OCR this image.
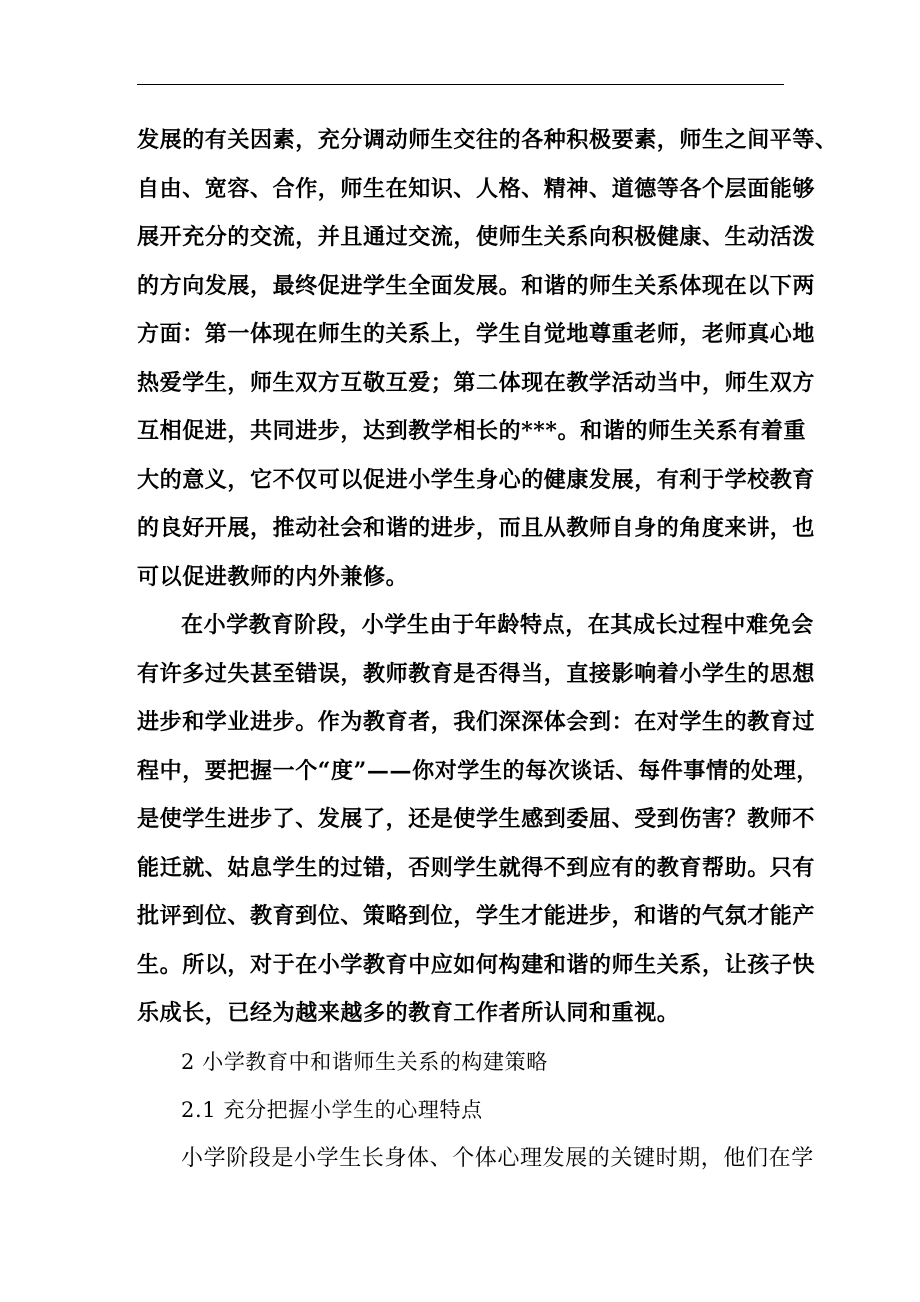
发展的有关因素，充分调动师生交往的各种积极要素，师生之间平等、
自由、宽容、合作，师生在知识、人格、精神、道德等各个层面能够
展开充分的交流，并且通过交流，使师生关系向积极健康、生动活泼
的方向发展，最终促进学生全面发展。和谐的师生关系体现在以下两
方面：第一体现在师生的关系上，学生自觉地尊重老师，老师真心地
热爱学生，师生双方互敬互爱；第二体现在教学活动当中，师生双方
互相促进，共同进步，达到教学相长的***。和谐的师生关系有着重
大的意义，它不仅可以促进小学生身心的健康发展，有利于学校教育
的良好开展，推动社会和谐的进步，而且从教师自身的角度来讲，也
可以促进教师的内外兼修。
在小学教育阶段，小学生由于年龄特点，在其成长过程中难免会
有许多过失甚至错误，教师教育是否得当，直接影响着小学生的思想
进步和学业进步。作为教育者，我们深深体会到：在对学生的教育过
程中，要把握一个“度”——你对学生的每次谈话、每件事情的处理，
是使学生进步了、发展了，还是使学生感到委屈、受到伤害？教师不
能迁就、姑息学生的过错，否则学生就得不到应有的教育帮助。只有
批评到位、教育到位、策略到位，学生才能进步，和谐的气氛才能产
生。所以，对于在小学教育中应如何构建和谐的师生关系，让孩子快
乐成长，已经为越来越多的教育工作者所认同和重视。
2 小学教育中和谐师生关系的构建策略
2.1 充分把握小学生的心理特点
小学阶段是小学生长身体、个体心理发展的关键时期，他们在学
